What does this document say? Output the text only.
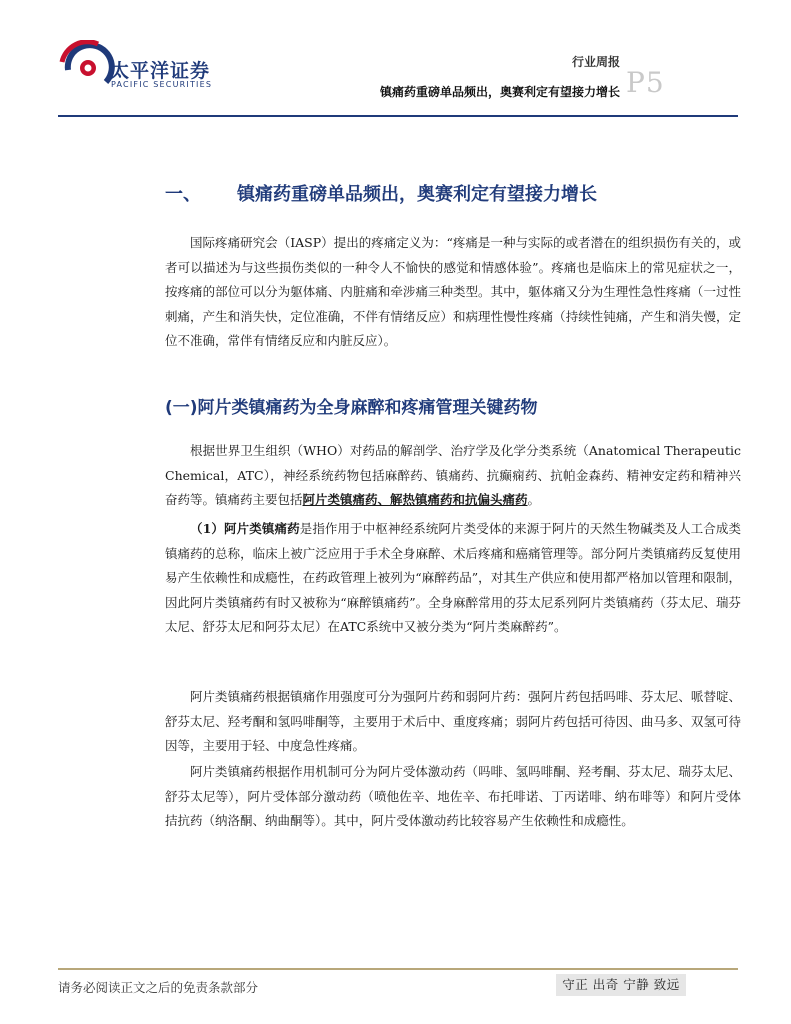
太平洋证券
PACIFIC SECURITIES
行业周报
镇痛药重磅单品频出，奥赛利定有望接力增长 P5
一、 镇痛药重磅单品频出，奥赛利定有望接力增长

国际疼痛研究会（IASP）提出的疼痛定义为：“疼痛是一种与实际的或者潜在的组织损伤有关的，或者可以描述为与这些损伤类似的一种令人不愉快的感觉和情感体验”。疼痛也是临床上的常见症状之一，按疼痛的部位可以分为躯体痛、内脏痛和牵涉痛三种类型。其中，躯体痛又分为生理性急性疼痛（一过性刺痛，产生和消失快，定位准确，不伴有情绪反应）和病理性慢性疼痛（持续性钝痛，产生和消失慢，定位不准确，常伴有情绪反应和内脏反应）。

(一)阿片类镇痛药为全身麻醉和疼痛管理关键药物

根据世界卫生组织（WHO）对药品的解剖学、治疗学及化学分类系统（Anatomical Therapeutic Chemical，ATC），神经系统药物包括麻醉药、镇痛药、抗癫痫药、抗帕金森药、精神安定药和精神兴奋药等。镇痛药主要包括阿片类镇痛药、解热镇痛药和抗偏头痛药。

（1）阿片类镇痛药是指作用于中枢神经系统阿片类受体的来源于阿片的天然生物碱类及人工合成类镇痛药的总称，临床上被广泛应用于手术全身麻醉、术后疼痛和癌痛管理等。部分阿片类镇痛药反复使用易产生依赖性和成瘾性，在药政管理上被列为“麻醉药品”，对其生产供应和使用都严格加以管理和限制，因此阿片类镇痛药有时又被称为“麻醉镇痛药”。全身麻醉常用的芬太尼系列阿片类镇痛药（芬太尼、瑞芬太尼、舒芬太尼和阿芬太尼）在ATC系统中又被分类为“阿片类麻醉药”。

阿片类镇痛药根据镇痛作用强度可分为强阿片药和弱阿片药：强阿片药包括吗啡、芬太尼、哌替啶、舒芬太尼、羟考酮和氢吗啡酮等，主要用于术后中、重度疼痛；弱阿片药包括可待因、曲马多、双氢可待因等，主要用于轻、中度急性疼痛。

阿片类镇痛药根据作用机制可分为阿片受体激动药（吗啡、氢吗啡酮、羟考酮、芬太尼、瑞芬太尼、舒芬太尼等），阿片受体部分激动药（喷他佐辛、地佐辛、布托啡诺、丁丙诺啡、纳布啡等）和阿片受体拮抗药（纳洛酮、纳曲酮等）。其中，阿片受体激动药比较容易产生依赖性和成瘾性。

请务必阅读正文之后的免责条款部分	守正 出奇 宁静 致远
